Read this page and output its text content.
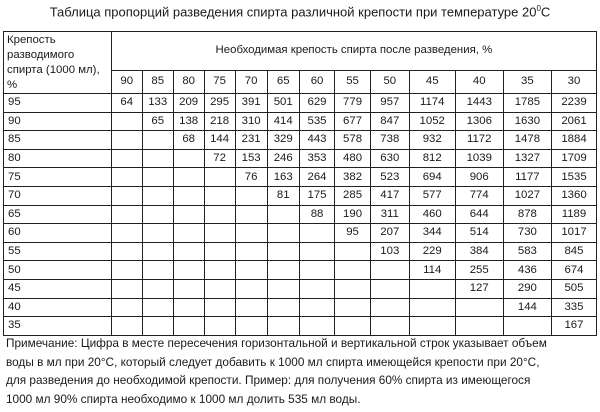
Таблица пропорций разведения спирта различной крепости при температуре $20^0C$
Крепость разводимого спирта (1000 мл), %	Необходимая крепость спирта после разведения, %												
	90	85	80	75	70	65	60	55	50	45	40	35	30
95	64	133	209	295	391	501	629	779	957	1174	1443	1785	2239
90		65	138	218	310	414	535	677	847	1052	1306	1630	2061
85			68	144	231	329	443	578	738	932	1172	1478	1884
80				72	153	246	353	480	630	812	1039	1327	1709
75					76	163	264	382	523	694	906	1177	1535
70						81	175	285	417	577	774	1027	1360
65							88	190	311	460	644	878	1189
60								95	207	344	514	730	1017
55									103	229	384	583	845
50										114	255	436	674
45											127	290	505
40												144	335
35													167

Примечание: Цифра в месте пересечения горизонтальной и вертикальной строк указывает объем

воды в мл при 20°С, который следует добавить к 1000 мл спирта имеющейся крепости при 20°С,

для разведения до необходимой крепости. Пример: для получения 60% спирта из имеющегося

1000 мл 90% спирта необходимо к 1000 мл долить 535 мл воды.
